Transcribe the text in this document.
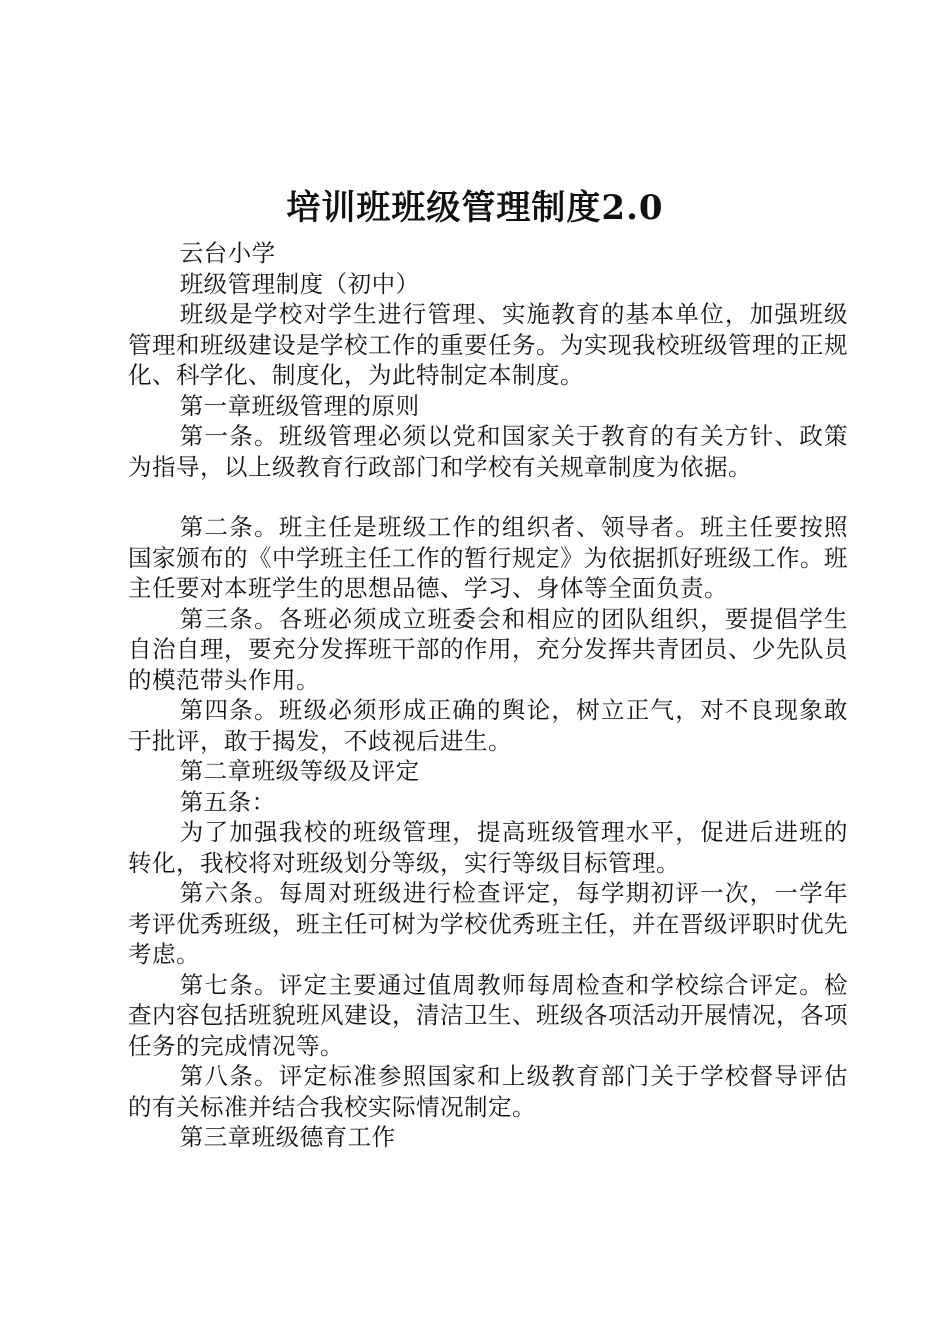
培训班班级管理制度2.0

云台小学

班级管理制度（初中）

班级是学校对学生进行管理、实施教育的基本单位，加强班级管理和班级建设是学校工作的重要任务。为实现我校班级管理的正规化、科学化、制度化，为此特制定本制度。

第一章班级管理的原则

第一条。班级管理必须以党和国家关于教育的有关方针、政策为指导，以上级教育行政部门和学校有关规章制度为依据。

第二条。班主任是班级工作的组织者、领导者。班主任要按照国家颁布的《中学班主任工作的暂行规定》为依据抓好班级工作。班主任要对本班学生的思想品德、学习、身体等全面负责。

第三条。各班必须成立班委会和相应的团队组织，要提倡学生自治自理，要充分发挥班干部的作用，充分发挥共青团员、少先队员的模范带头作用。

第四条。班级必须形成正确的舆论，树立正气，对不良现象敢于批评，敢于揭发，不歧视后进生。

第二章班级等级及评定

第五条：

为了加强我校的班级管理，提高班级管理水平，促进后进班的转化，我校将对班级划分等级，实行等级目标管理。

第六条。每周对班级进行检查评定，每学期初评一次，一学年考评优秀班级，班主任可树为学校优秀班主任，并在晋级评职时优先考虑。

第七条。评定主要通过值周教师每周检查和学校综合评定。检查内容包括班貌班风建设，清洁卫生、班级各项活动开展情况，各项任务的完成情况等。

第八条。评定标准参照国家和上级教育部门关于学校督导评估的有关标准并结合我校实际情况制定。

第三章班级德育工作
